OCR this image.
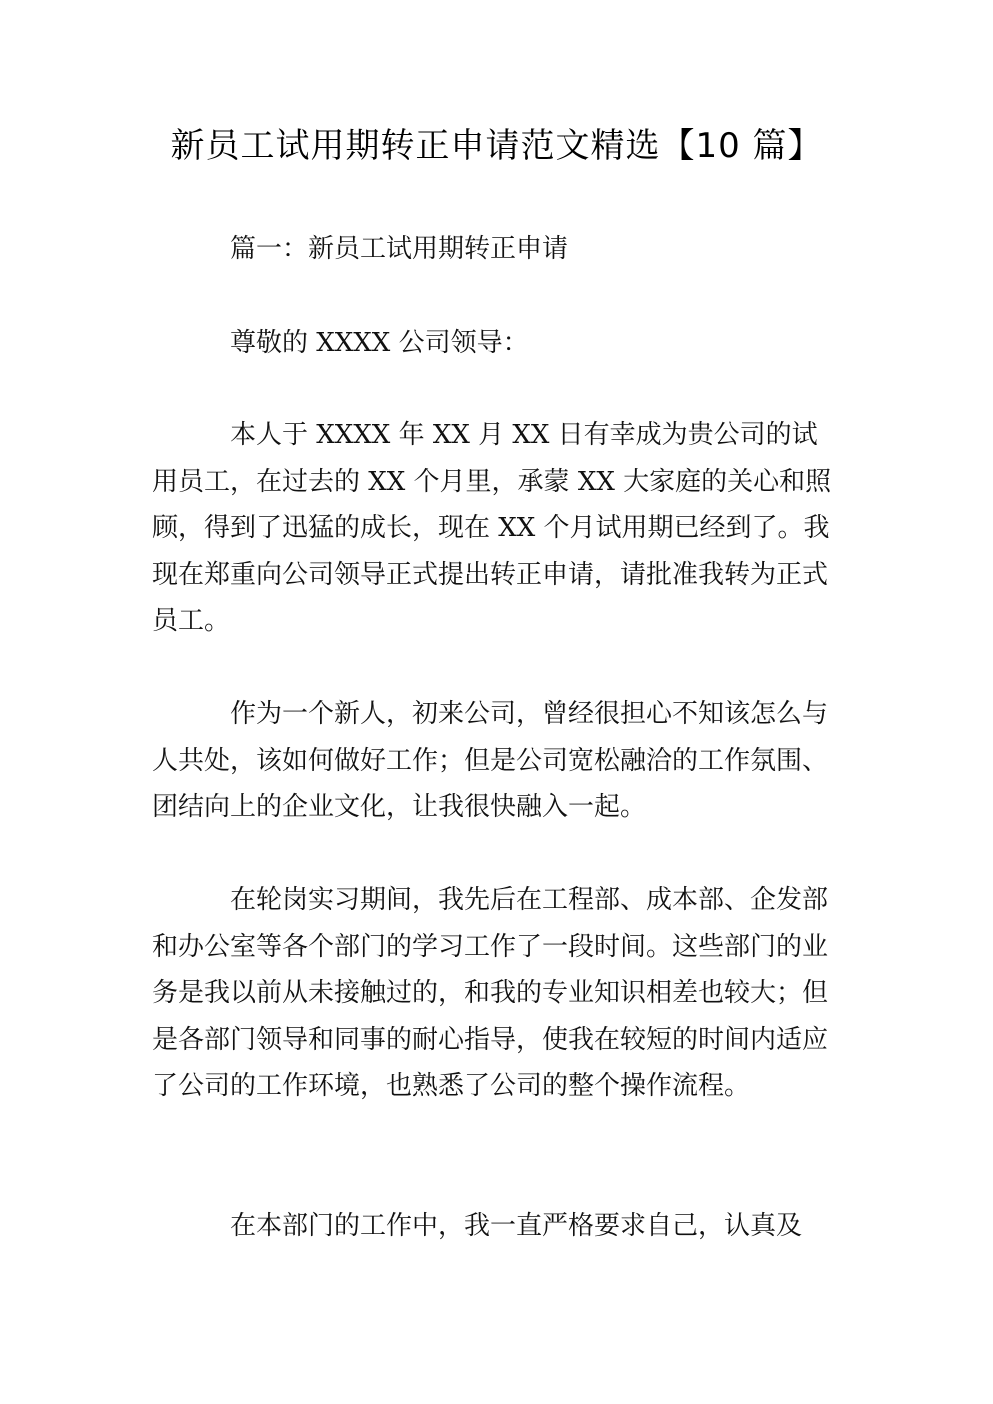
新员工试用期转正申请范文精选【10 篇】

篇一：新员工试用期转正申请

尊敬的 XXXX 公司领导：

本人于 XXXX 年 XX 月 XX 日有幸成为贵公司的试用员工，在过去的 XX 个月里，承蒙 XX 大家庭的关心和照顾，得到了迅猛的成长，现在 XX 个月试用期已经到了。我现在郑重向公司领导正式提出转正申请，请批准我转为正式员工。

作为一个新人，初来公司，曾经很担心不知该怎么与人共处，该如何做好工作；但是公司宽松融洽的工作氛围、团结向上的企业文化，让我很快融入一起。

在轮岗实习期间，我先后在工程部、成本部、企发部和办公室等各个部门的学习工作了一段时间。这些部门的业务是我以前从未接触过的，和我的专业知识相差也较大；但是各部门领导和同事的耐心指导，使我在较短的时间内适应了公司的工作环境，也熟悉了公司的整个操作流程。

在本部门的工作中，我一直严格要求自己，认真及
